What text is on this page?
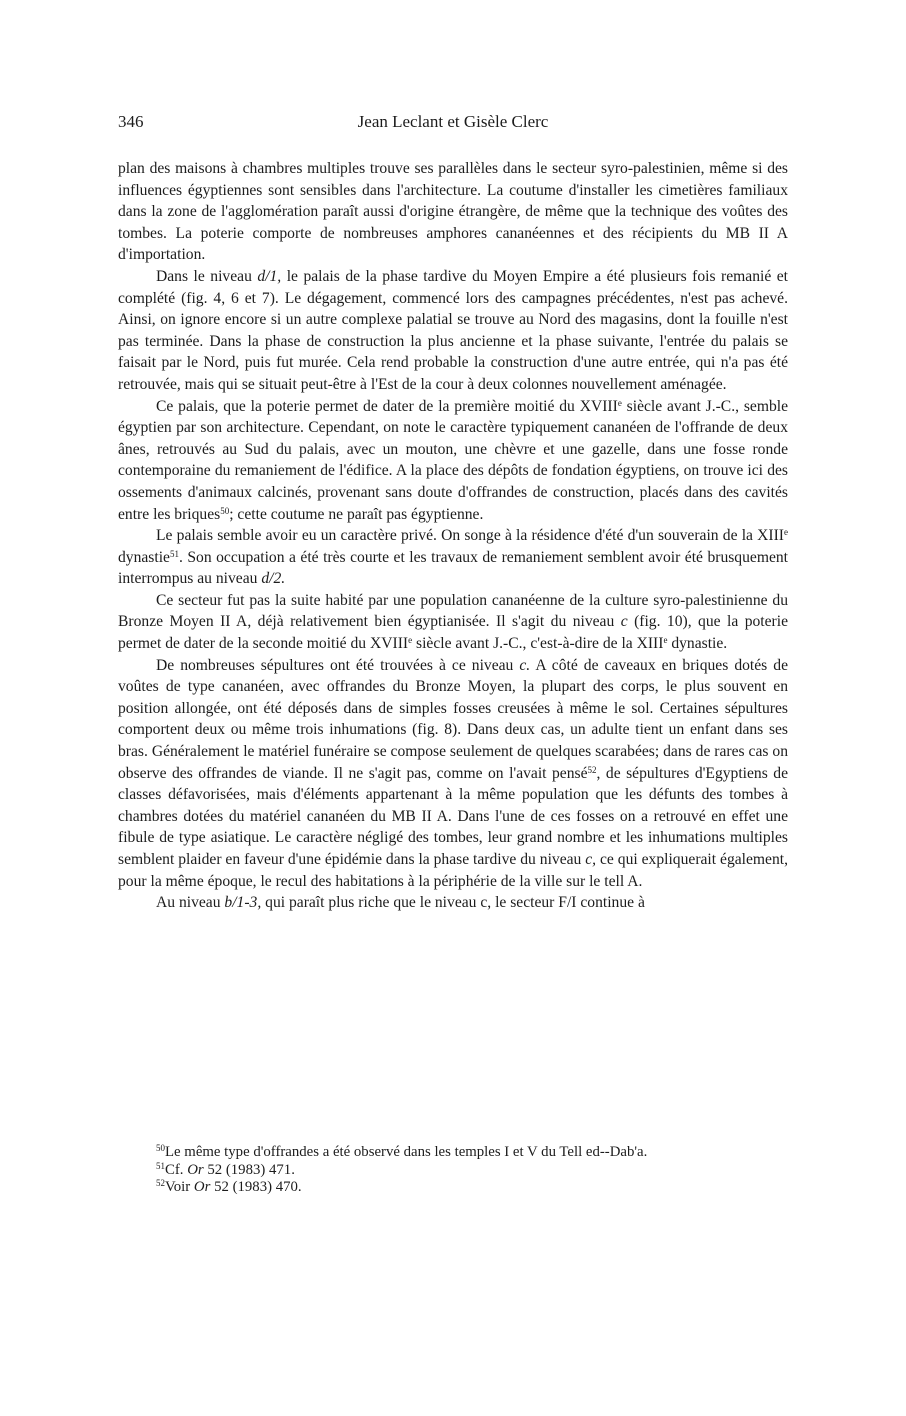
346	Jean Leclant et Gisèle Clerc

plan des maisons à chambres multiples trouve ses parallèles dans le secteur syro-palestinien, même si des influences égyptiennes sont sensibles dans l'architecture. La coutume d'installer les cimetières familiaux dans la zone de l'agglomération paraît aussi d'origine étrangère, de même que la technique des voûtes des tombes. La poterie comporte de nombreuses amphores cananéennes et des récipients du MB II A d'importation.

Dans le niveau d/1, le palais de la phase tardive du Moyen Empire a été plusieurs fois remanié et complété (fig. 4, 6 et 7). Le dégagement, commencé lors des campagnes précédentes, n'est pas achevé. Ainsi, on ignore encore si un autre complexe palatial se trouve au Nord des magasins, dont la fouille n'est pas terminée. Dans la phase de construction la plus ancienne et la phase suivante, l'entrée du palais se faisait par le Nord, puis fut murée. Cela rend probable la construction d'une autre entrée, qui n'a pas été retrouvée, mais qui se situait peut-être à l'Est de la cour à deux colonnes nouvellement aménagée.

Ce palais, que la poterie permet de dater de la première moitié du XVIIIe siècle avant J.-C., semble égyptien par son architecture. Cependant, on note le caractère typiquement cananéen de l'offrande de deux ânes, retrouvés au Sud du palais, avec un mouton, une chèvre et une gazelle, dans une fosse ronde contemporaine du remaniement de l'édifice. A la place des dépôts de fondation égyptiens, on trouve ici des ossements d'animaux calcinés, provenant sans doute d'offrandes de construction, placés dans des cavités entre les briques$^{50}$; cette coutume ne paraît pas égyptienne.

Le palais semble avoir eu un caractère privé. On songe à la résidence d'été d'un souverain de la XIIIe dynastie$^{51}$. Son occupation a été très courte et les travaux de remaniement semblent avoir été brusquement interrompus au niveau d/2.

Ce secteur fut pas la suite habité par une population cananéenne de la culture syro-palestinienne du Bronze Moyen II A, déjà relativement bien égyptianisée. Il s'agit du niveau c (fig. 10), que la poterie permet de dater de la seconde moitié du XVIIIe siècle avant J.-C., c'est-à-dire de la XIIIe dynastie.

De nombreuses sépultures ont été trouvées à ce niveau c. A côté de caveaux en briques dotés de voûtes de type cananéen, avec offrandes du Bronze Moyen, la plupart des corps, le plus souvent en position allongée, ont été déposés dans de simples fosses creusées à même le sol. Certaines sépultures comportent deux ou même trois inhumations (fig. 8). Dans deux cas, un adulte tient un enfant dans ses bras. Généralement le matériel funéraire se compose seulement de quelques scarabées; dans de rares cas on observe des offrandes de viande. Il ne s'agit pas, comme on l'avait pensé$^{52}$, de sépultures d'Egyptiens de classes défavorisées, mais d'éléments appartenant à la même population que les défunts des tombes à chambres dotées du matériel cananéen du MB II A. Dans l'une de ces fosses on a retrouvé en effet une fibule de type asiatique. Le caractère négligé des tombes, leur grand nombre et les inhumations multiples semblent plaider en faveur d'une épidémie dans la phase tardive du niveau c, ce qui expliquerait également, pour la même époque, le recul des habitations à la périphérie de la ville sur le tell A.

Au niveau b/1-3, qui paraît plus riche que le niveau c, le secteur F/I continue à

$^{50}$Le même type d'offrandes a été observé dans les temples I et V du Tell ed--Dab'a.

$^{51}$Cf. Or 52 (1983) 471.

$^{52}$Voir Or 52 (1983) 470.
